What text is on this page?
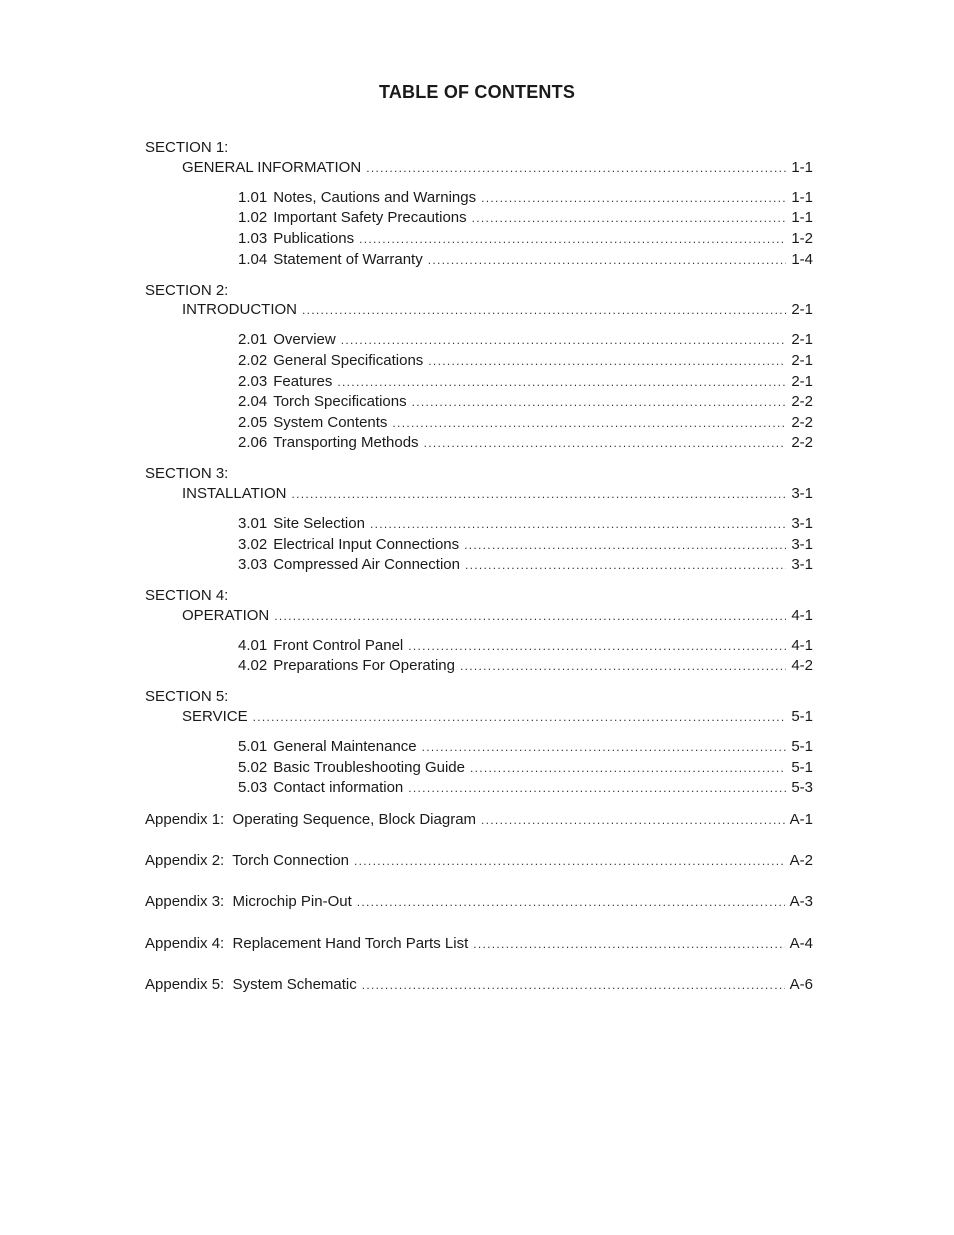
TABLE OF CONTENTS
SECTION 1:
GENERAL INFORMATION .....	1-1
1.01 Notes, Cautions and Warnings .....	1-1
1.02 Important Safety Precautions .....	1-1
1.03 Publications .....	1-2
1.04 Statement of Warranty .....	1-4
SECTION 2:
INTRODUCTION .....	2-1
2.01 Overview .....	2-1
2.02 General Specifications .....	2-1
2.03 Features .....	2-1
2.04 Torch Specifications .....	2-2
2.05 System Contents .....	2-2
2.06 Transporting Methods .....	2-2
SECTION 3:
INSTALLATION .....	3-1
3.01 Site Selection .....	3-1
3.02 Electrical Input Connections .....	3-1
3.03 Compressed Air Connection .....	3-1
SECTION 4:
OPERATION .....	4-1
4.01 Front Control Panel .....	4-1
4.02 Preparations For Operating .....	4-2
SECTION 5:
SERVICE .....	5-1
5.01 General Maintenance .....	5-1
5.02 Basic Troubleshooting Guide .....	5-1
5.03 Contact information .....	5-3
Appendix 1:  Operating Sequence, Block Diagram .....	A-1
Appendix 2:  Torch Connection .....	A-2
Appendix 3:  Microchip Pin-Out .....	A-3
Appendix 4:  Replacement Hand Torch Parts List .....	A-4
Appendix 5:  System Schematic .....	A-6
